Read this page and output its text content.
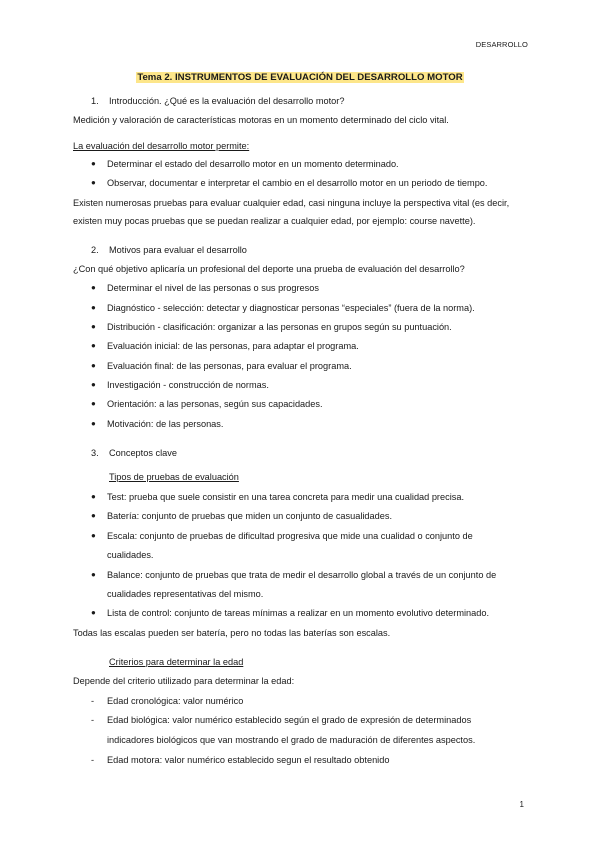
DESARROLLO
Tema 2. INSTRUMENTOS DE EVALUACIÓN DEL DESARROLLO MOTOR
1. Introducción. ¿Qué es la evaluación del desarrollo motor?
Medición y valoración de características motoras en un momento determinado del ciclo vital.
La evaluación del desarrollo motor permite:
● Determinar el estado del desarrollo motor en un momento determinado.
● Observar, documentar e interpretar el cambio en el desarrollo motor en un periodo de tiempo.
Existen numerosas pruebas para evaluar cualquier edad, casi ninguna incluye la perspectiva vital (es decir,
existen muy pocas pruebas que se puedan realizar a cualquier edad, por ejemplo: course navette).
2. Motivos para evaluar el desarrollo
¿Con qué objetivo aplicaría un profesional del deporte una prueba de evaluación del desarrollo?
● Determinar el nivel de las personas o sus progresos
● Diagnóstico - selección: detectar y diagnosticar personas “especiales” (fuera de la norma).
● Distribución - clasificación: organizar a las personas en grupos según su puntuación.
● Evaluación inicial: de las personas, para adaptar el programa.
● Evaluación final: de las personas, para evaluar el programa.
● Investigación - construcción de normas.
● Orientación: a las personas, según sus capacidades.
● Motivación: de las personas.
3. Conceptos clave
Tipos de pruebas de evaluación
● Test: prueba que suele consistir en una tarea concreta para medir una cualidad precisa.
● Batería: conjunto de pruebas que miden un conjunto de casualidades.
● Escala: conjunto de pruebas de dificultad progresiva que mide una cualidad o conjunto de
cualidades.
● Balance: conjunto de pruebas que trata de medir el desarrollo global a través de un conjunto de
cualidades representativas del mismo.
● Lista de control: conjunto de tareas mínimas a realizar en un momento evolutivo determinado.
Todas las escalas pueden ser batería, pero no todas las baterías son escalas.
Criterios para determinar la edad
Depende del criterio utilizado para determinar la edad:
- Edad cronológica: valor numérico
- Edad biológica: valor numérico establecido según el grado de expresión de determinados
indicadores biológicos que van mostrando el grado de maduración de diferentes aspectos.
- Edad motora: valor numérico establecido segun el resultado obtenido
1
